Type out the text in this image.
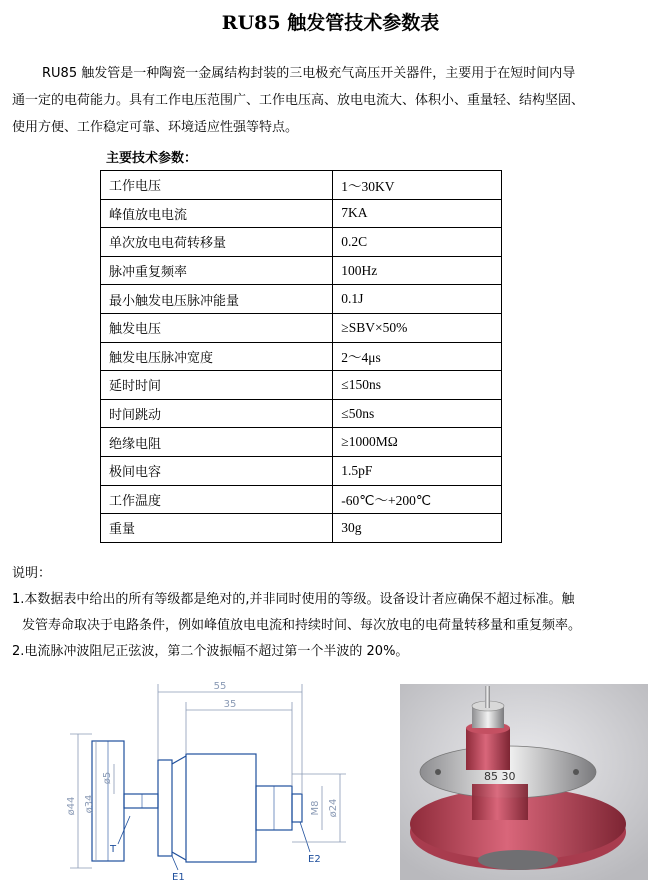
RU85 触发管技术参数表
RU85 触发管是一种陶瓷一金属结构封装的三电极充气高压开关器件，主要用于在短时间内导
通一定的电荷能力。具有工作电压范围广、工作电压高、放电电流大、体积小、重量轻、结构坚固、
使用方便、工作稳定可靠、环境适应性强等特点。
主要技术参数：
工作电压	1～30KV
峰值放电电流	7KA
单次放电电荷转移量	0.2C
脉冲重复频率	100Hz
最小触发电压脉冲能量	0.1J
触发电压	≥SBV×50%
触发电压脉冲宽度	2～4μs
延时时间	≤150ns
时间跳动	≤50ns
绝缘电阻	≥1000MΩ
极间电容	1.5pF
工作温度	-60℃～+200℃
重量	30g
说明：
1.本数据表中给出的所有等级都是绝对的,并非同时使用的等级。设备设计者应确保不超过标准。触
发管寿命取决于电路条件，例如峰值放电电流和持续时间、每次放电的电荷量转移量和重复频率。
2.电流脉冲波阻尼正弦波，第二个波振幅不超过第一个半波的 20%。
55
35
ø44 ø34
ø5
M8 ø24
T
E1
E2
85 30
